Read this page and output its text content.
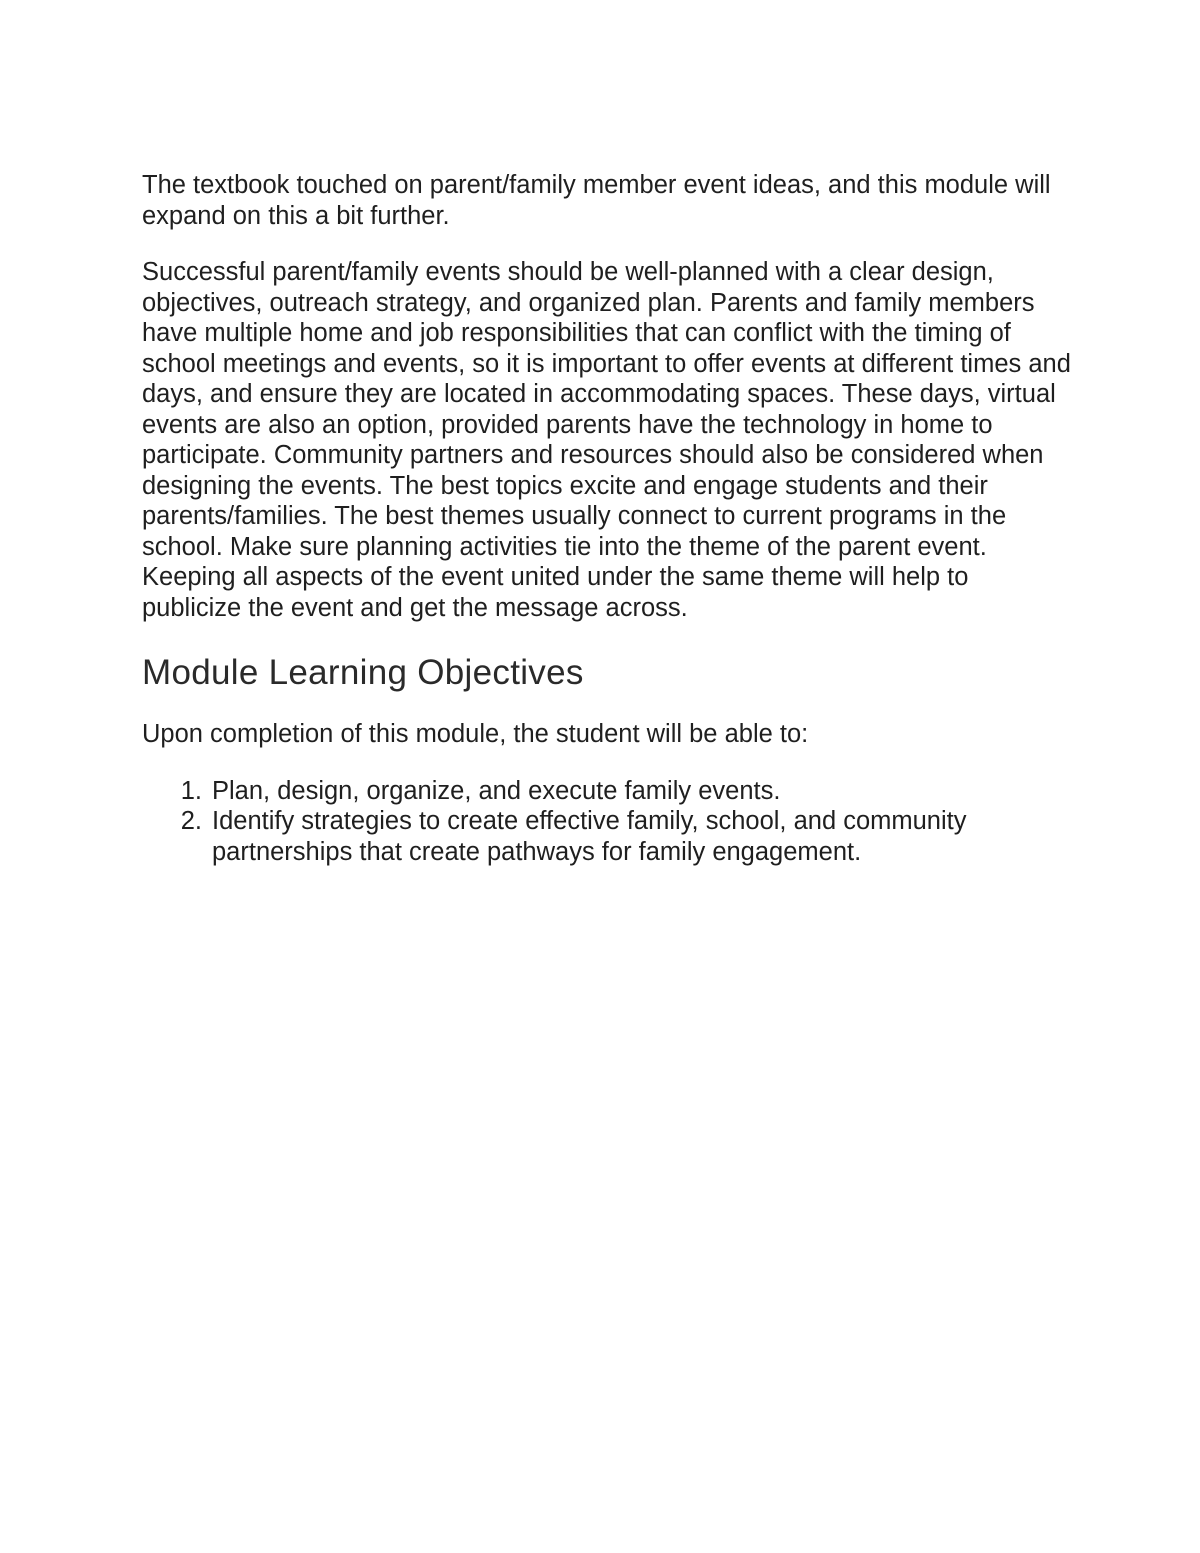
The textbook touched on parent/family member event ideas, and this module will expand on this a bit further.

Successful parent/family events should be well-planned with a clear design, objectives, outreach strategy, and organized plan. Parents and family members have multiple home and job responsibilities that can conflict with the timing of school meetings and events, so it is important to offer events at different times and days, and ensure they are located in accommodating spaces. These days, virtual events are also an option, provided parents have the technology in home to participate. Community partners and resources should also be considered when designing the events. The best topics excite and engage students and their parents/families. The best themes usually connect to current programs in the school. Make sure planning activities tie into the theme of the parent event. Keeping all aspects of the event united under the same theme will help to publicize the event and get the message across.

Module Learning Objectives

Upon completion of this module, the student will be able to:

1. Plan, design, organize, and execute family events.
2. Identify strategies to create effective family, school, and community partnerships that create pathways for family engagement.
